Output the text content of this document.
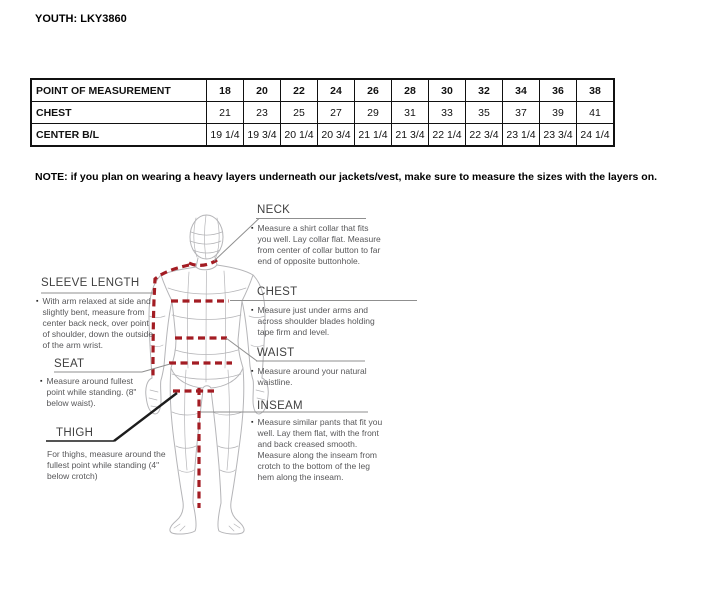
YOUTH: LKY3860
POINT OF MEASUREMENT	18	20	22	24	26	28	30	32	34	36	38
CHEST	21	23	25	27	29	31	33	35	37	39	41
CENTER B/L	19 1/4	19 3/4	20 1/4	20 3/4	21 1/4	21 3/4	22 1/4	22 3/4	23 1/4	23 3/4	24 1/4
NOTE: if you plan on wearing a heavy layers underneath our jackets/vest, make sure to measure the sizes with the layers on.
SLEEVE LENGTH
▪ With arm relaxed at side and slightly bent, measure from center back neck, over point of shoulder, down the outside of the arm wrist.
SEAT
▪ Measure around fullest point while standing. (8" below waist).
THIGH
For thighs, measure around the fullest point while standing (4" below crotch)
NECK
▪ Measure a shirt collar that fits you well. Lay collar flat. Measure from center of collar button to far end of opposite buttonhole.
CHEST
▪ Measure just under arms and across shoulder blades holding tape firm and level.
WAIST
▪ Measure around your natural waistline.
INSEAM
▪ Measure similar pants that fit you well. Lay them flat, with the front and back creased smooth. Measure along the inseam from crotch to the bottom of the leg hem along the inseam.
